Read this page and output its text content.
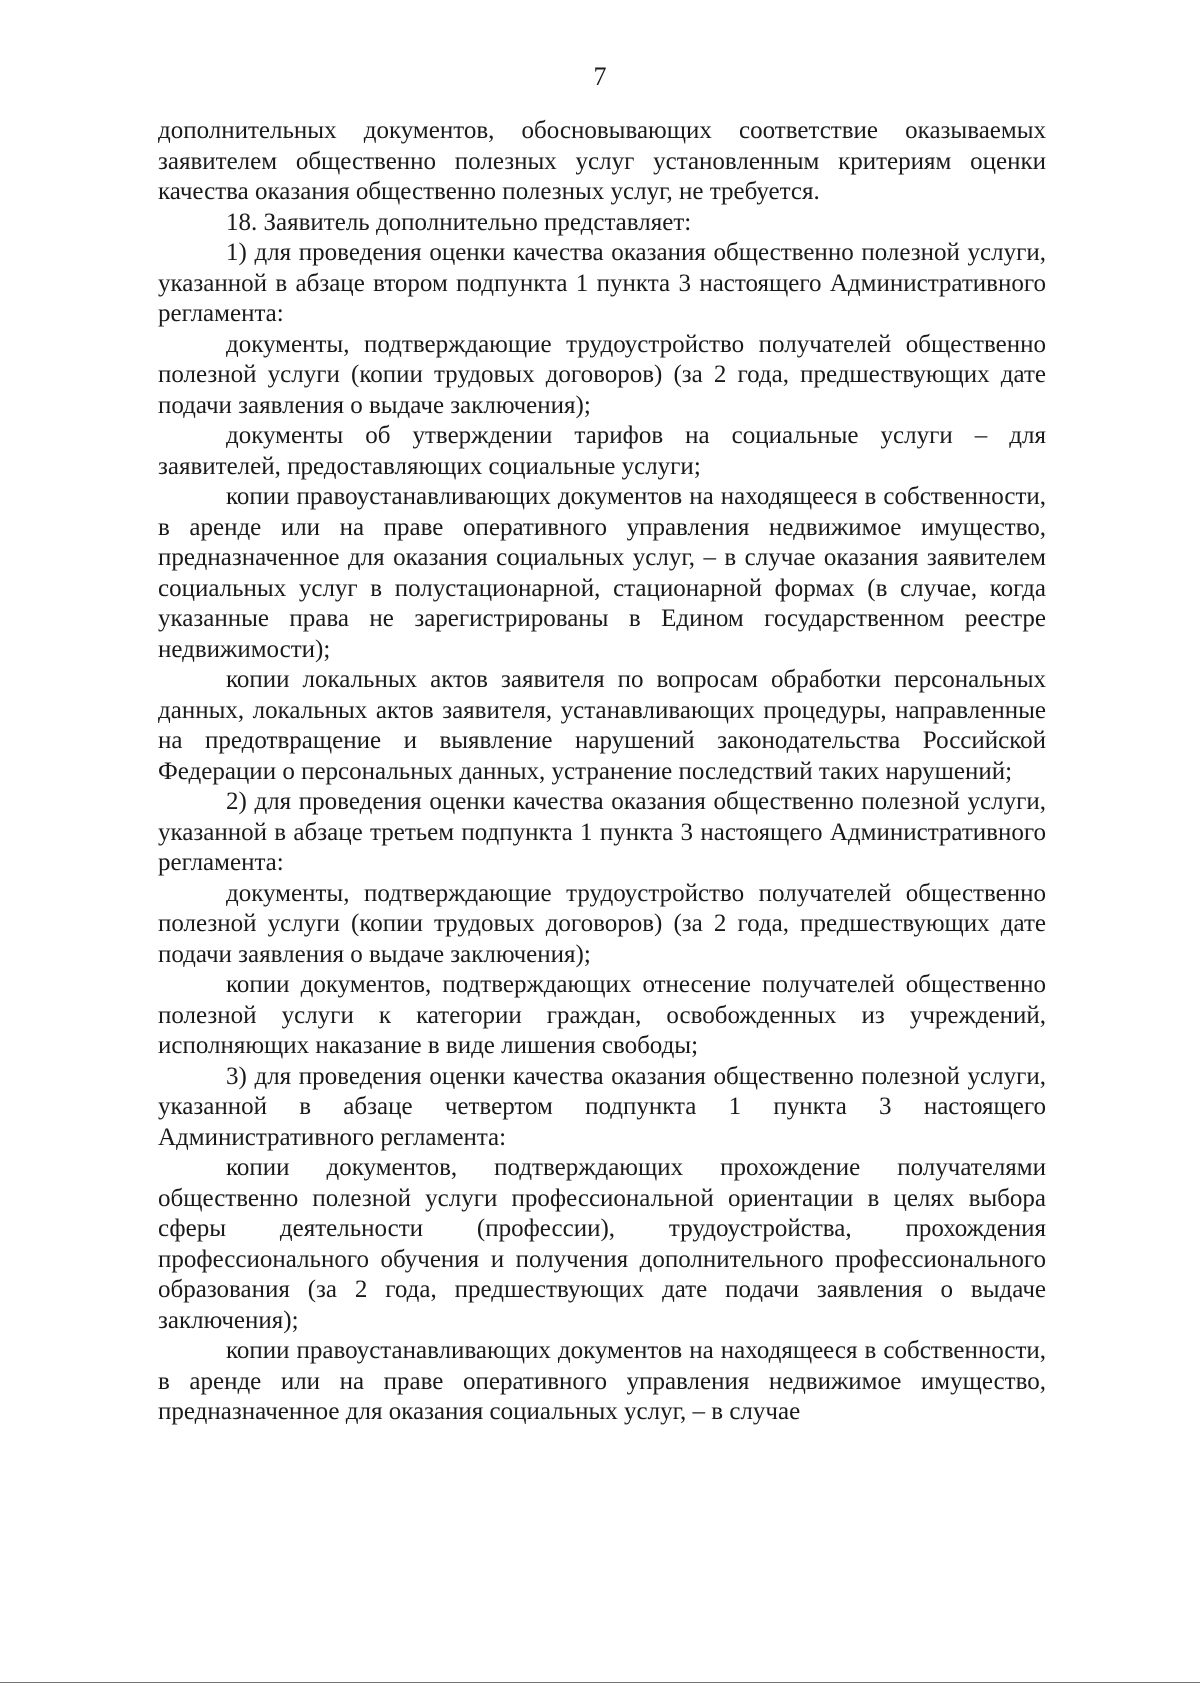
7

дополнительных документов, обосновывающих соответствие оказываемых заявителем общественно полезных услуг установленным критериям оценки качества оказания общественно полезных услуг, не требуется.

18. Заявитель дополнительно представляет:

1) для проведения оценки качества оказания общественно полезной услуги, указанной в абзаце втором подпункта 1 пункта 3 настоящего Административного регламента:

документы, подтверждающие трудоустройство получателей общественно полезной услуги (копии трудовых договоров) (за 2 года, предшествующих дате подачи заявления о выдаче заключения);

документы об утверждении тарифов на социальные услуги – для заявителей, предоставляющих социальные услуги;

копии правоустанавливающих документов на находящееся в собственности, в аренде или на праве оперативного управления недвижимое имущество, предназначенное для оказания социальных услуг, – в случае оказания заявителем социальных услуг в полустационарной, стационарной формах (в случае, когда указанные права не зарегистрированы в Едином государственном реестре недвижимости);

копии локальных актов заявителя по вопросам обработки персональных данных, локальных актов заявителя, устанавливающих процедуры, направленные на предотвращение и выявление нарушений законодательства Российской Федерации о персональных данных, устранение последствий таких нарушений;

2) для проведения оценки качества оказания общественно полезной услуги, указанной в абзаце третьем подпункта 1 пункта 3 настоящего Административного регламента:

документы, подтверждающие трудоустройство получателей общественно полезной услуги (копии трудовых договоров) (за 2 года, предшествующих дате подачи заявления о выдаче заключения);

копии документов, подтверждающих отнесение получателей общественно полезной услуги к категории граждан, освобожденных из учреждений, исполняющих наказание в виде лишения свободы;

3) для проведения оценки качества оказания общественно полезной услуги, указанной в абзаце четвертом подпункта 1 пункта 3 настоящего Административного регламента:

копии документов, подтверждающих прохождение получателями общественно полезной услуги профессиональной ориентации в целях выбора сферы деятельности (профессии), трудоустройства, прохождения профессионального обучения и получения дополнительного профессионального образования (за 2 года, предшествующих дате подачи заявления о выдаче заключения);

копии правоустанавливающих документов на находящееся в собственности, в аренде или на праве оперативного управления недвижимое имущество, предназначенное для оказания социальных услуг, – в случае
